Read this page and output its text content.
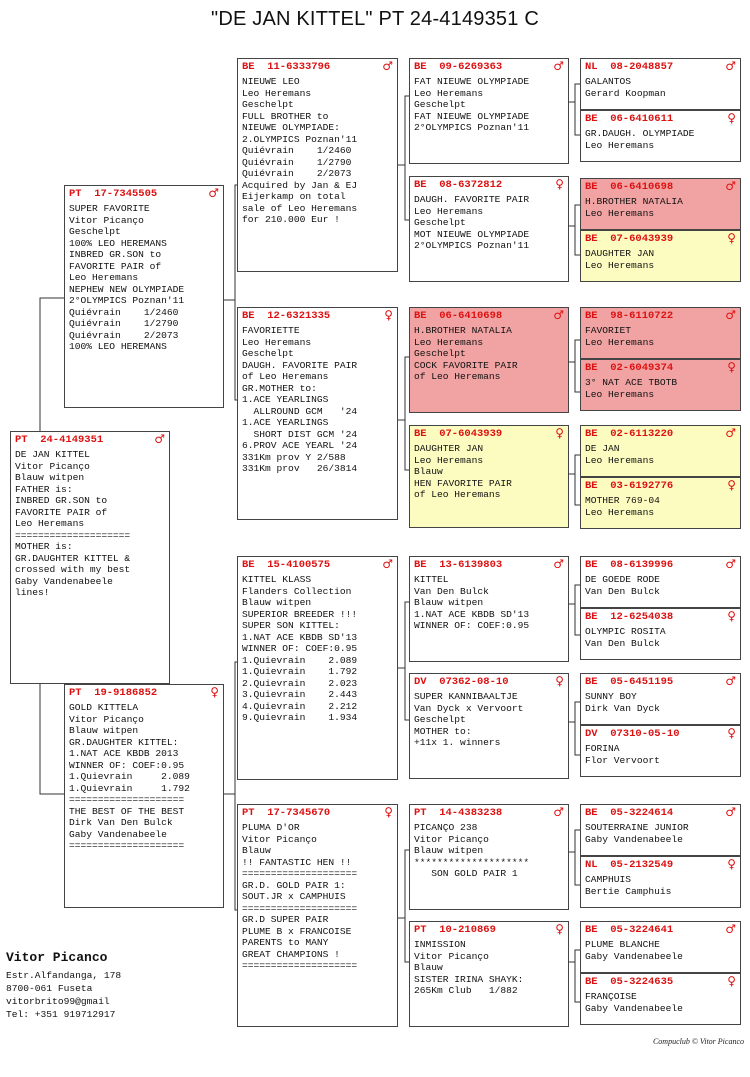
"DE JAN KITTEL" PT 24-4149351 C
PT  24-4149351	♂
DE JAN KITTEL
Vitor Picanço
Blauw witpen
FATHER is:
INBRED GR.SON to
FAVORITE PAIR of
Leo Heremans
====================
MOTHER is:
GR.DAUGHTER KITTEL &
crossed with my best
Gaby Vandenabeele
lines!
PT  17-7345505	♂
SUPER FAVORITE
Vitor Picanço
Geschelpt
100% LEO HEREMANS
INBRED GR.SON to
FAVORITE PAIR of
Leo Heremans
NEPHEW NEW OLYMPIADE
2°OLYMPICS Poznan'11
Quiévrain    1/2460
Quiévrain    1/2790
Quiévrain    2/2073
100% LEO HEREMANS
PT  19-9186852	♀
GOLD KITTELA
Vitor Picanço
Blauw witpen
GR.DAUGHTER KITTEL:
1.NAT ACE KBDB 2013
WINNER OF: COEF:0.95
1.Quievrain     2.089
1.Quievrain     1.792
====================
THE BEST OF THE BEST
Dirk Van Den Bulck
Gaby Vandenabeele
====================
BE  11-6333796	♂
NIEUWE LEO
Leo Heremans
Geschelpt
FULL BROTHER to
NIEUWE OLYMPIADE:
2.OLYMPICS Poznan'11
Quiévrain    1/2460
Quiévrain    1/2790
Quiévrain    2/2073
Acquired by Jan & EJ
Eijerkamp on total
sale of Leo Heremans
for 210.000 Eur !
BE  12-6321335	♀
FAVORIETTE
Leo Heremans
Geschelpt
DAUGH. FAVORITE PAIR
of Leo Heremans
GR.MOTHER to:
1.ACE YEARLINGS
ALLROUND GCM   '24
1.ACE YEARLINGS
SHORT DIST GCM '24
6.PROV ACE YEARL '24
331Km prov Y 2/588
331Km prov   26/3814
BE  15-4100575	♂
KITTEL KLASS
Flanders Collection
Blauw witpen
SUPERIOR BREEDER !!!
SUPER SON KITTEL:
1.NAT ACE KBDB SD'13
WINNER OF: COEF:0.95
1.Quievrain    2.089
1.Quievrain    1.792
2.Quievrain    2.023
3.Quievrain    2.443
4.Quievrain    2.212
9.Quievrain    1.934
PT  17-7345670	♀
PLUMA D'OR
Vitor Picanço
Blauw
!! FANTASTIC HEN !!
====================
GR.D. GOLD PAIR 1:
SOUT.JR x CAMPHUIS
====================
GR.D SUPER PAIR
PLUME B x FRANCOISE
PARENTS to MANY
GREAT CHAMPIONS !
====================
BE  09-6269363	♂
FAT NIEUWE OLYMPIADE
Leo Heremans
Geschelpt
FAT NIEUWE OLYMPIADE
2°OLYMPICS Poznan'11
BE  08-6372812	♀
DAUGH. FAVORITE PAIR
Leo Heremans
Geschelpt
MOT NIEUWE OLYMPIADE
2°OLYMPICS Poznan'11
BE  06-6410698	♂
H.BROTHER NATALIA
Leo Heremans
Geschelpt
COCK FAVORITE PAIR
of Leo Heremans
BE  07-6043939	♀
DAUGHTER JAN
Leo Heremans
Blauw
HEN FAVORITE PAIR
of Leo Heremans
BE  13-6139803	♂
KITTEL
Van Den Bulck
Blauw witpen
1.NAT ACE KBDB SD'13
WINNER OF: COEF:0.95
DV  07362-08-10	♀
SUPER KANNIBAALTJE
Van Dyck x Vervoort
Geschelpt
MOTHER to:
+11x 1. winners
PT  14-4383238	♂
PICANÇO 238
Vitor Picanço
Blauw witpen
********************
SON GOLD PAIR 1
PT  10-210869	♀
INMISSION
Vitor Picanço
Blauw
SISTER IRINA SHAYK:
265Km Club   1/882
NL  08-2048857	♂
GALANTOS
Gerard Koopman
BE  06-6410611	♀
GR.DAUGH. OLYMPIADE
Leo Heremans
BE  06-6410698	♂
H.BROTHER NATALIA
Leo Heremans
BE  07-6043939	♀
DAUGHTER JAN
Leo Heremans
BE  98-6110722	♂
FAVORIET
Leo Heremans
BE  02-6049374	♀
3° NAT ACE TBOTB
Leo Heremans
BE  02-6113220	♂
DE JAN
Leo Heremans
BE  03-6192776	♀
MOTHER 769-04
Leo Heremans
BE  08-6139996	♂
DE GOEDE RODE
Van Den Bulck
BE  12-6254038	♀
OLYMPIC ROSITA
Van Den Bulck
BE  05-6451195	♂
SUNNY BOY
Dirk Van Dyck
DV  07310-05-10	♀
FORINA
Flor Vervoort
BE  05-3224614	♂
SOUTERRAINE JUNIOR
Gaby Vandenabeele
NL  05-2132549	♀
CAMPHUIS
Bertie Camphuis
BE  05-3224641	♂
PLUME BLANCHE
Gaby Vandenabeele
BE  05-3224635	♀
FRANÇOISE
Gaby Vandenabeele
Vitor Picanco
Estr.Alfandanga, 178
8700-061 Fuseta
vitorbrito99@gmail
Tel: +351 919712917
Compuclub © Vitor Picanco
